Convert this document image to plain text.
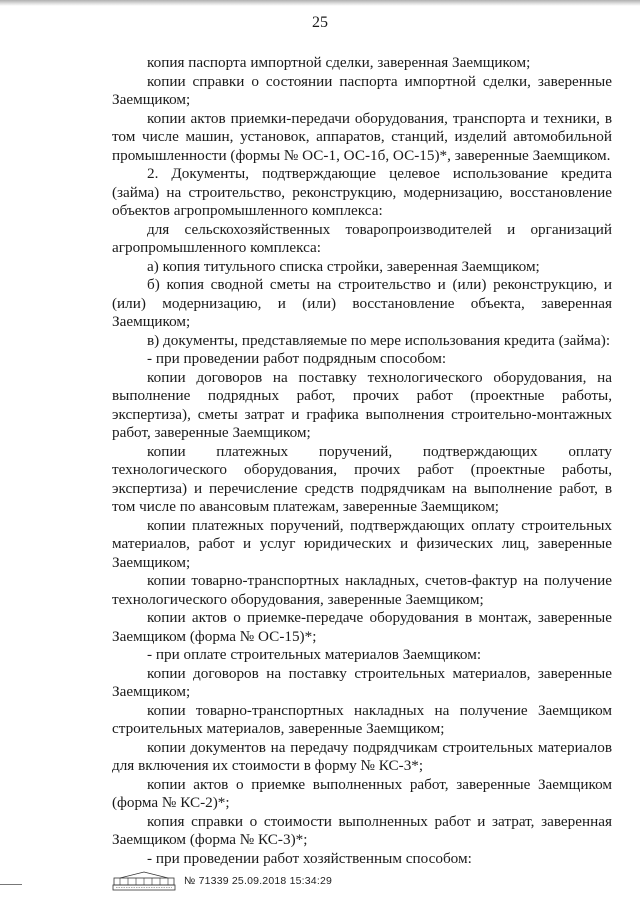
25

копия паспорта импортной сделки, заверенная Заемщиком;

копии справки о состоянии паспорта импортной сделки, заверенные Заемщиком;

копии актов приемки-передачи оборудования, транспорта и техники, в том числе машин, установок, аппаратов, станций, изделий автомобильной промышленности (формы № ОС-1, ОС-1б, ОС-15)*, заверенные Заемщиком.

2. Документы, подтверждающие целевое использование кредита (займа) на строительство, реконструкцию, модернизацию, восстановление объектов агропромышленного комплекса:

для сельскохозяйственных товаропроизводителей и организаций агропромышленного комплекса:

а) копия титульного списка стройки, заверенная Заемщиком;

б) копия сводной сметы на строительство и (или) реконструкцию, и (или) модернизацию, и (или) восстановление объекта, заверенная Заемщиком;

в) документы, представляемые по мере использования кредита (займа):

- при проведении работ подрядным способом:

копии договоров на поставку технологического оборудования, на выполнение подрядных работ, прочих работ (проектные работы, экспертиза), сметы затрат и графика выполнения строительно-монтажных работ, заверенные Заемщиком;

копии платежных поручений, подтверждающих оплату технологического оборудования, прочих работ (проектные работы, экспертиза) и перечисление средств подрядчикам на выполнение работ, в том числе по авансовым платежам, заверенные Заемщиком;

копии платежных поручений, подтверждающих оплату строительных материалов, работ и услуг юридических и физических лиц, заверенные Заемщиком;

копии товарно-транспортных накладных, счетов-фактур на получение технологического оборудования, заверенные Заемщиком;

копии актов о приемке-передаче оборудования в монтаж, заверенные Заемщиком (форма № ОС-15)*;

- при оплате строительных материалов Заемщиком:

копии договоров на поставку строительных материалов, заверенные Заемщиком;

копии товарно-транспортных накладных на получение Заемщиком строительных материалов, заверенные Заемщиком;

копии документов на передачу подрядчикам строительных материалов для включения их стоимости в форму № КС-3*;

копии актов о приемке выполненных работ, заверенные Заемщиком (форма № КС-2)*;

копия справки о стоимости выполненных работ и затрат, заверенная Заемщиком (форма № КС-3)*;

- при проведении работ хозяйственным способом:

№ 71339 25.09.2018 15:34:29
